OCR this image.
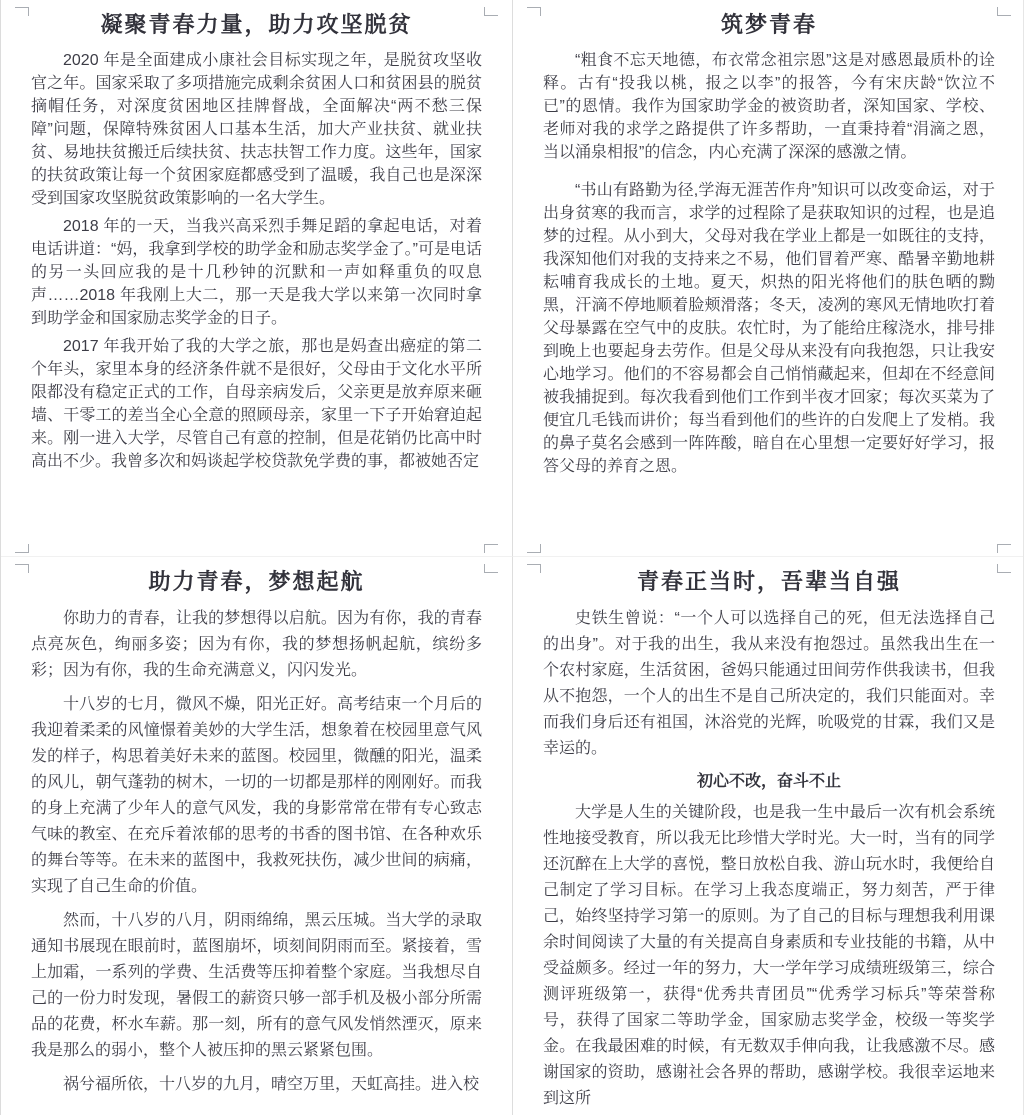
凝聚青春力量，助力攻坚脱贫

2020 年是全面建成小康社会目标实现之年，是脱贫攻坚收官之年。国家采取了多项措施完成剩余贫困人口和贫困县的脱贫摘帽任务，对深度贫困地区挂牌督战，全面解决“两不愁三保障”问题，保障特殊贫困人口基本生活，加大产业扶贫、就业扶贫、易地扶贫搬迁后续扶贫、扶志扶智工作力度。这些年，国家的扶贫政策让每一个贫困家庭都感受到了温暖，我自己也是深深受到国家攻坚脱贫政策影响的一名大学生。

2018 年的一天，当我兴高采烈手舞足蹈的拿起电话，对着电话讲道：“妈，我拿到学校的助学金和励志奖学金了。”可是电话的另一头回应我的是十几秒钟的沉默和一声如释重负的叹息声……2018 年我刚上大二，那一天是我大学以来第一次同时拿到助学金和国家励志奖学金的日子。

2017 年我开始了我的大学之旅，那也是妈查出癌症的第二个年头，家里本身的经济条件就不是很好，父母由于文化水平所限都没有稳定正式的工作，自母亲病发后，父亲更是放弃原来砸墙、干零工的差当全心全意的照顾母亲，家里一下子开始窘迫起来。刚一进入大学，尽管自己有意的控制，但是花销仍比高中时高出不少。我曾多次和妈谈起学校贷款免学费的事，都被她否定

筑梦青春

“粗食不忘天地德，布衣常念祖宗恩”这是对感恩最质朴的诠释。古有“投我以桃，报之以李”的报答，今有宋庆龄“饮泣不已”的恩情。我作为国家助学金的被资助者，深知国家、学校、老师对我的求学之路提供了许多帮助，一直秉持着“涓滴之恩，当以涌泉相报”的信念，内心充满了深深的感激之情。

“书山有路勤为径,学海无涯苦作舟”知识可以改变命运，对于出身贫寒的我而言，求学的过程除了是获取知识的过程，也是追梦的过程。从小到大，父母对我在学业上都是一如既往的支持，我深知他们对我的支持来之不易，他们冒着严寒、酷暑辛勤地耕耘哺育我成长的土地。夏天，炽热的阳光将他们的肤色晒的黝黑，汗滴不停地顺着脸颊滑落；冬天，凌冽的寒风无情地吹打着父母暴露在空气中的皮肤。农忙时，为了能给庄稼浇水，排号排到晚上也要起身去劳作。但是父母从来没有向我抱怨，只让我安心地学习。他们的不容易都会自己悄悄藏起来，但却在不经意间被我捕捉到。每次我看到他们工作到半夜才回家；每次买菜为了便宜几毛钱而讲价；每当看到他们的些许的白发爬上了发梢。我的鼻子莫名会感到一阵阵酸，暗自在心里想一定要好好学习，报答父母的养育之恩。

助力青春，梦想起航

你助力的青春，让我的梦想得以启航。因为有你，我的青春点亮灰色，绚丽多姿；因为有你，我的梦想扬帆起航，缤纷多彩；因为有你，我的生命充满意义，闪闪发光。

十八岁的七月，微风不燥，阳光正好。高考结束一个月后的我迎着柔柔的风憧憬着美妙的大学生活，想象着在校园里意气风发的样子，构思着美好未来的蓝图。校园里，微醺的阳光，温柔的风儿，朝气蓬勃的树木，一切的一切都是那样的刚刚好。而我的身上充满了少年人的意气风发，我的身影常常在带有专心致志气味的教室、在充斥着浓郁的思考的书香的图书馆、在各种欢乐的舞台等等。在未来的蓝图中，我救死扶伤，减少世间的病痛，实现了自己生命的价值。

然而，十八岁的八月，阴雨绵绵，黑云压城。当大学的录取通知书展现在眼前时，蓝图崩坏，顷刻间阴雨而至。紧接着，雪上加霜，一系列的学费、生活费等压抑着整个家庭。当我想尽自己的一份力时发现，暑假工的薪资只够一部手机及极小部分所需品的花费，杯水车薪。那一刻，所有的意气风发悄然湮灭，原来我是那么的弱小，整个人被压抑的黑云紧紧包围。

祸兮福所依，十八岁的九月，晴空万里，天虹高挂。进入校

青春正当时，吾辈当自强

史铁生曾说：“一个人可以选择自己的死，但无法选择自己的出身”。对于我的出生，我从来没有抱怨过。虽然我出生在一个农村家庭，生活贫困，爸妈只能通过田间劳作供我读书，但我从不抱怨，一个人的出生不是自己所决定的，我们只能面对。幸而我们身后还有祖国，沐浴党的光辉，吮吸党的甘霖，我们又是幸运的。

初心不改，奋斗不止

大学是人生的关键阶段，也是我一生中最后一次有机会系统性地接受教育，所以我无比珍惜大学时光。大一时，当有的同学还沉醉在上大学的喜悦，整日放松自我、游山玩水时，我便给自己制定了学习目标。在学习上我态度端正，努力刻苦，严于律己，始终坚持学习第一的原则。为了自己的目标与理想我利用课余时间阅读了大量的有关提高自身素质和专业技能的书籍，从中受益颇多。经过一年的努力，大一学年学习成绩班级第三，综合测评班级第一，获得“优秀共青团员”“优秀学习标兵”等荣誉称号，获得了国家二等助学金，国家励志奖学金，校级一等奖学金。在我最困难的时候，有无数双手伸向我，让我感激不尽。感谢国家的资助，感谢社会各界的帮助，感谢学校。我很幸运地来到这所
